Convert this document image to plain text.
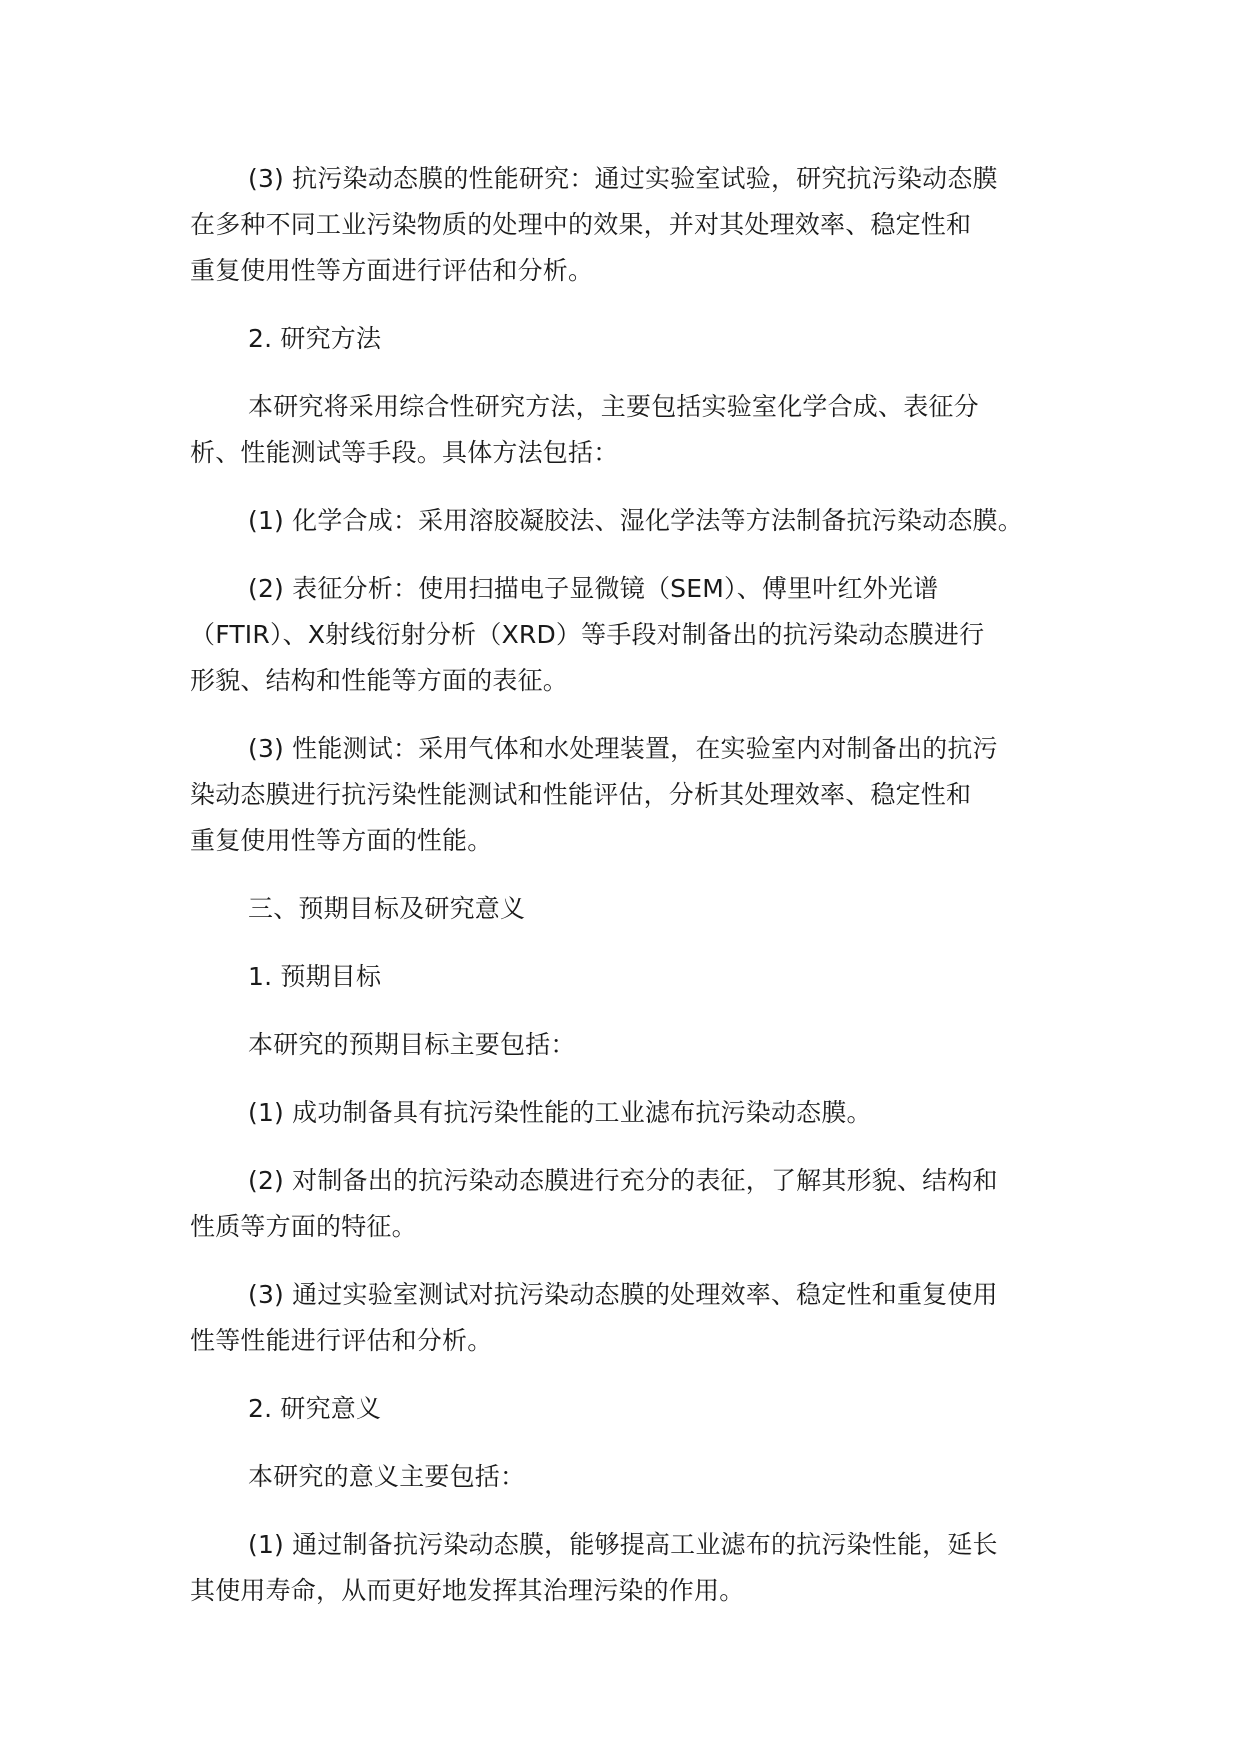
(3) 抗污染动态膜的性能研究：通过实验室试验，研究抗污染动态膜
在多种不同工业污染物质的处理中的效果，并对其处理效率、稳定性和
重复使用性等方面进行评估和分析。

2. 研究方法

本研究将采用综合性研究方法，主要包括实验室化学合成、表征分
析、性能测试等手段。具体方法包括：

(1) 化学合成：采用溶胶凝胶法、湿化学法等方法制备抗污染动态膜。

(2) 表征分析：使用扫描电子显微镜（SEM）、傅里叶红外光谱
（FTIR）、X射线衍射分析（XRD）等手段对制备出的抗污染动态膜进行
形貌、结构和性能等方面的表征。

(3) 性能测试：采用气体和水处理装置，在实验室内对制备出的抗污
染动态膜进行抗污染性能测试和性能评估，分析其处理效率、稳定性和
重复使用性等方面的性能。

三、预期目标及研究意义

1. 预期目标

本研究的预期目标主要包括：

(1) 成功制备具有抗污染性能的工业滤布抗污染动态膜。

(2) 对制备出的抗污染动态膜进行充分的表征，了解其形貌、结构和
性质等方面的特征。

(3) 通过实验室测试对抗污染动态膜的处理效率、稳定性和重复使用
性等性能进行评估和分析。

2. 研究意义

本研究的意义主要包括：

(1) 通过制备抗污染动态膜，能够提高工业滤布的抗污染性能，延长
其使用寿命，从而更好地发挥其治理污染的作用。
